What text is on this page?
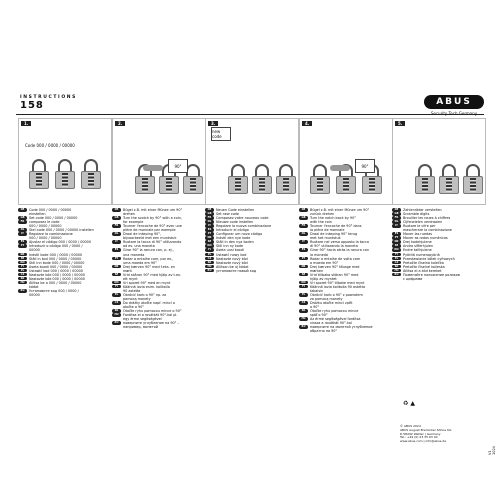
INSTRUCTIONS
158	ABUS
Security Tech Germany
1.
Code 000 / 0000 / 00000
2.
90°
3.
new code
4.
90°
5.
DE	Code 000 / 0000 / 00000
einstellen
GB	Set code 000 / 0000 / 00000
FR	composez le code
000 / 0000 / 00000
NL	Stel code 000 / 0000 / 00000 instellen
IT	Regolare la combinazione
000 / 0000 / 00000
ES	Ajustar el código 000 / 0000 / 00000
PT	Introduzir o código 000 / 0000 /
00000
DK	Indstil kode 000 / 0000 / 00000
SE	Ställ in kod 000 / 0000 / 00000
NO	Still inn kode 000 / 0000 / 00000
FI	Aseta koodi 000 / 0000 / 00000
PL	Ustawić kod 000 / 0000 / 00000
CZ	Nastavte kód 000 / 0000 / 00000
SK	Nastavte kód 000 / 0000 / 00000
HU	Állítsa be a 000 / 0000 / 00000
kódot
RU	Установите код 000 / 0000 /
00000
DE	Bügel z.B. mit einer Münze um 90°
drehen
GB	Turn the scotch by 90° with a coin,
for example
FR	Tourner l'encoche de 90° avec une
pièce de monnaie par exemple
NL	Draai de inkeping 90°,
bijvoorbeeld met een muntstuk
IT	Ruotare la tacca di 90° utilizzando
ad es. una moneta
ES	Girar 90° la ranura con, p. ej.,
una moneda
PT	Rodar a entalhe com, por ex.,
uma moeda em 90°
DK	Drej kærven 90° med f.eks. en
mønt
SE	Vrid skåran 90° med hjälp av t.ex.
ett mynt
NO	Vri sporet 90° med en mynt
FI	Käännä lovia esim. kolikolla
90 astetta
PL	Obrócić karb o 90° np. za
pomocą monety
CZ	Do drážky otočte např. mincí o
otočte o 90°
SK	Otočte ryhu pomocou mince o 90°
HU	Fordítsa el a rovátkát 90°-kal pl.
egy érme segítségével
RU	поверните углубление на 90° –
например, монетой
DE	Neuen Code einstellen
GB	Set new code
FR	Composez votre nouveau code
NL	Nieuwe code instellen
IT	Regolare la nuova combinazione
ES	Introducir el código
PT	Configurar um novo código
DK	Indstil den nye kode
SE	Ställ in den nya koden
NO	Still inn ny kode
FI	Aseta uusi koodi
PL	Ustawić nowy kod
CZ	Nastavte nový kód
SK	Nastavte nový kód
HU	Állítson be új kódot
RU	установите новый код
DE	Bügel z.B. mit einer Münze um 90°
zurück drehen
GB	Turn the notch back by 90°
with the coin
FR	Tourner l'encoche de 90° dans
la pièce de monnaie
NL	Draai de inkeping 90° terug
met het muntstuk
IT	Ruotare nel verso opposto la tacca
di 90° utilizzando la moneta
ES	Girar 90° hacia atrás la ranura con
la moneda
PT	Rodar o entalhe de volta com
a moeda em 90°
DK	Drej kærven 90° tilbage med
mønten
SE	Vrid tillbaka skåran 90° med
hjälp av myntet
NO	Vri sporet 90° tilbake med mynt
FI	Käännä lovia kolikolla 90 astetta
takaisin
PL	Obrócić karb o 90° z powrotem
za pomocą monety
CZ	Drážku otočte mincí zpět
o 90°
SK	Otočte ryhu pomocou mince
späť o 90°
HU	Az érme segítségével fordítsa
vissza a rovátkát 90°-kal
RU	поверните на монетой углубление
обратно на 90°
DE	Zahlenräder verstellen
GB	Scramble digits
FR	Brouiller les roues à chiffres
NL	Cijferwielen verdraaien
IT	Ruotare le cifre per
mascherare la combinazione
ES	Mover las ruedas
PT	Mover as rodas numéricas
DK	Drej kodehjulene
SE	Ändra sifferhjulen
NO	Endre tallhjulene
FI	Pyöritä numeropyöriä
PL	Przestawianie kółek cyfrowych
CZ	Pretočte číselná kolečka
SK	Pretočte číselné kolieska
HU	Állítsa el a kód kereket
RU	Поменяйте положение роликов
с цифрами
♻ ▲
© ABUS 2024
ABUS August Bremicker Söhne KG
D 58292 Wetter | Germany
Tel.: +49 (0) 23 35 63 40
www.abus.com | info@abus.de
V1 1024
